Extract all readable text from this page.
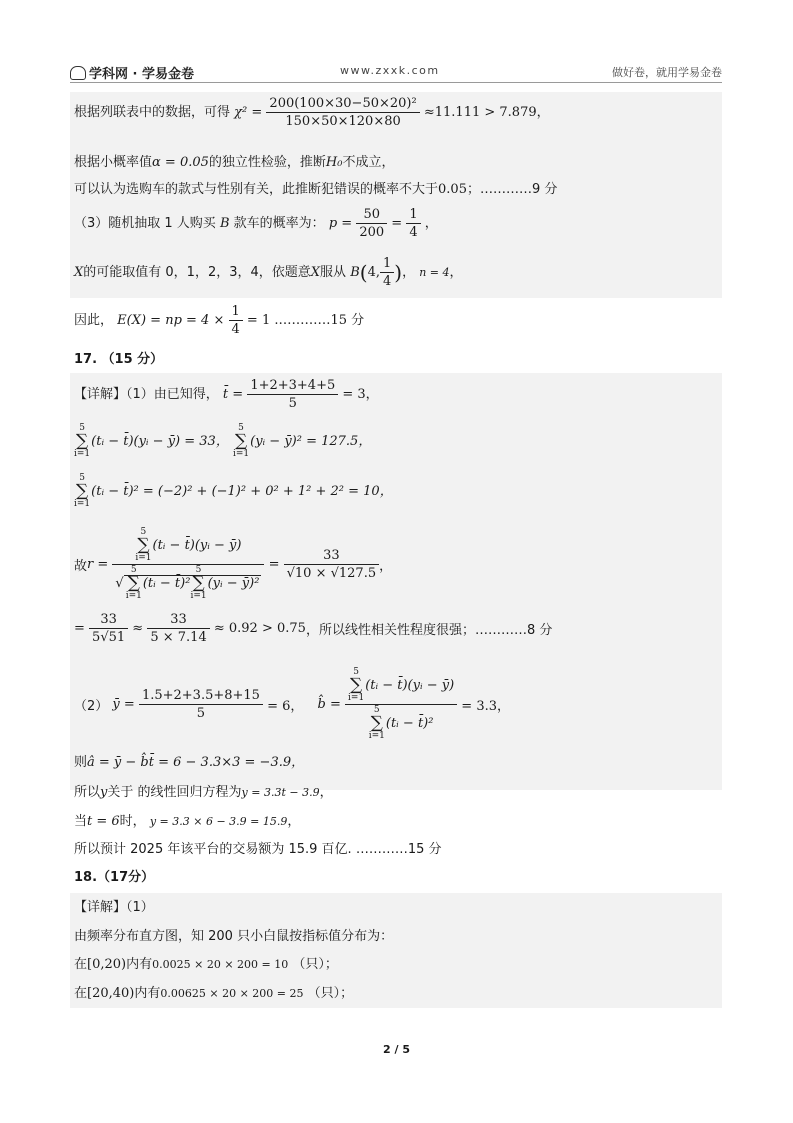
学科网 · 学易金卷	www.zxxk.com	做好卷，就用学易金卷
根据列联表中的数据，可得 $\chi^2 = \frac{\text{200(100×30−50×20)²}}{150\times 50\times 120\times 80} \approx 11.111 > 7.879$，
根据小概率值α = 0.05的独立性检验，推断H₀不成立，
可以认为选购车的款式与性别有关，此推断犯错误的概率不大于0.05；…………9 分
（3）随机抽取 1 人购买 B 款车的概率为： $p = \frac{50}{200} = \frac{1}{4}$ ，
X的可能取值有 0，1，2，3，4，依题意X服从 B(4, $\frac{1}{4}$ )， n = 4，
因此， E(X) = np = $4 \times \frac{1}{4} = 1$ .…………15 分
17. （15 分）
【详解】（1）由已知得， t̄ = $\frac{1+2+3+4+5}{5} = 3$，
5
∑
i=1(tᵢ − t̄)(yᵢ − ȳ) = 33， 5
∑
i=1(yᵢ − ȳ)² = 127.5，
5
∑
i=1(tᵢ − t̄)² = (−2)² + (−1)² + 0² + 1² + 2² = 10，
故r = 5
∑
i=1(tᵢ − t̄)(yᵢ − ȳ)
√5
∑
i=1(tᵢ − t̄)²5
∑
i=1(yᵢ − ȳ)² = $\frac{33}{√10 \times √127.5}$ ，
= $\frac{33}{5√51} \approx \frac{33}{5 \times 7.14} \approx 0.92 > 0.75$，所以线性相关性程度很强；…………8 分
（2） ȳ = $\frac{1.5+2+3.5+8+15}{5} = 6$， b̂ = 5
∑
i=1(tᵢ − t̄)(yᵢ − ȳ)
5
∑
i=1(tᵢ − t̄)² = 3.3，
则â = ȳ − b̂t̄ = 6 − 3.3×3 = −3.9，
所以y关于 的线性回归方程为y = 3.3t − 3.9，
当t = 6时， y = 3.3 × 6 − 3.9 = 15.9，
所以预计 2025 年该平台的交易额为 15.9 百亿. …………15 分
18.（17分）
【详解】（1）
由频率分布直方图，知 200 只小白鼠按指标值分布为：
在[0,20)内有0.0025 × 20 × 200 = 10 （只）；
在[20,40)内有0.00625 × 20 × 200 = 25 （只）；
2 / 5
